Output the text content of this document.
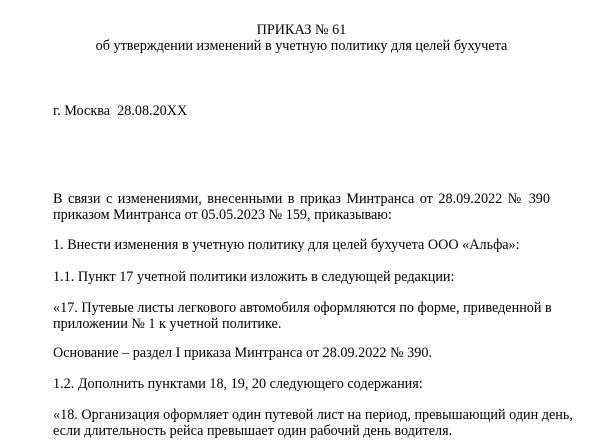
ПРИКАЗ № 61
об утверждении изменений в учетную политику для целей бухучета
г. Москва  28.08.20XX
В связи с изменениями, внесенными в приказ Минтранса от 28.09.2022 № 390
приказом Минтранса от 05.05.2023 № 159, приказываю:
1. Внести изменения в учетную политику для целей бухучета ООО «Альфа»:
1.1. Пункт 17 учетной политики изложить в следующей редакции:
«17. Путевые листы легкового автомобиля оформляются по форме, приведенной в
приложении № 1 к учетной политике.
Основание – раздел I приказа Минтранса от 28.09.2022 № 390.
1.2. Дополнить пунктами 18, 19, 20 следующего содержания:
«18. Организация оформляет один путевой лист на период, превышающий один день,
если длительность рейса превышает один рабочий день водителя.
